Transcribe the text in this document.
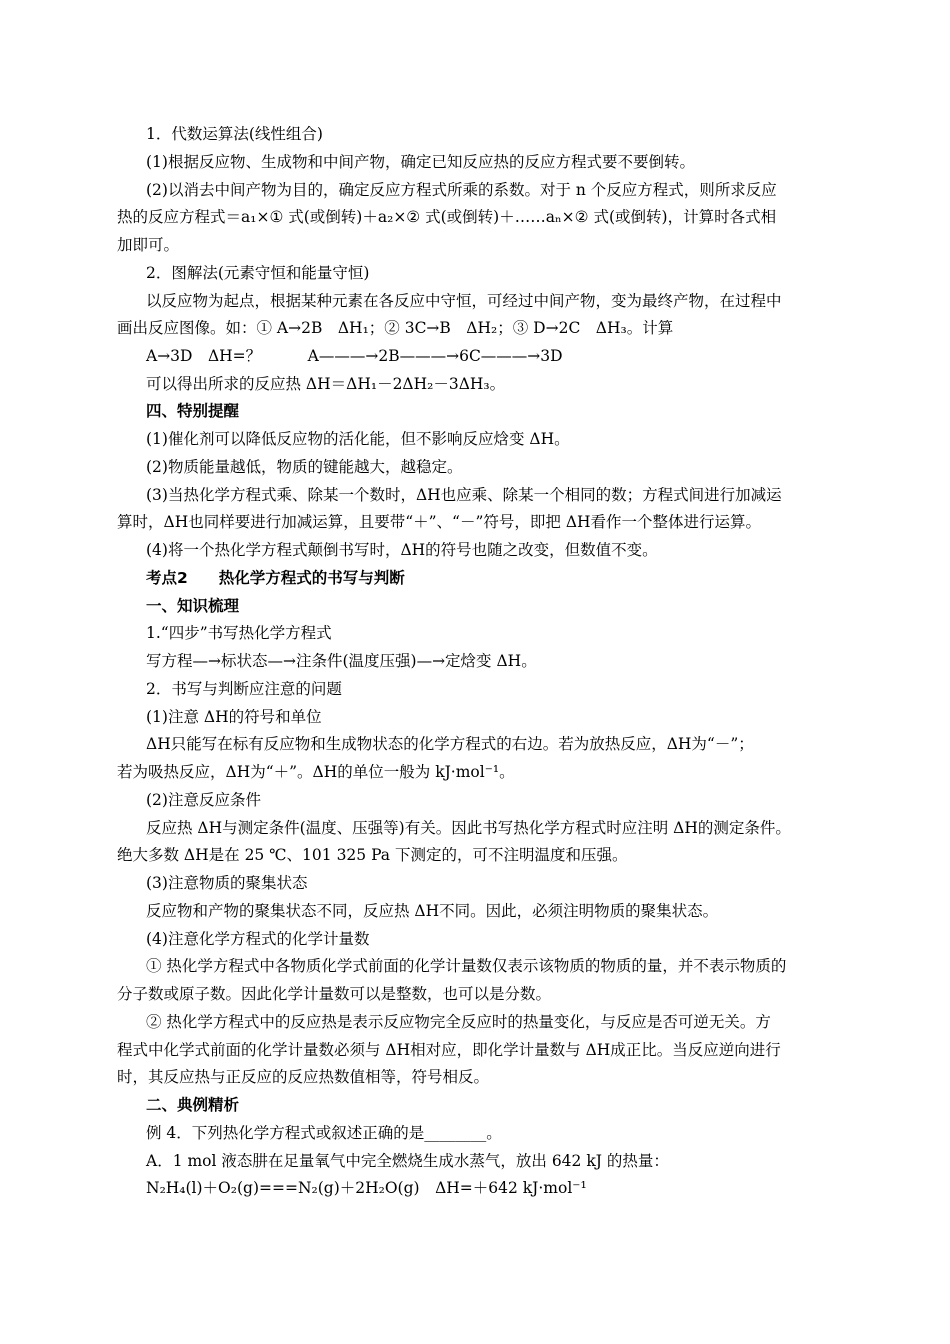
1．代数运算法(线性组合)
(1)根据反应物、生成物和中间产物，确定已知反应热的反应方程式要不要倒转。
(2)以消去中间产物为目的，确定反应方程式所乘的系数。对于 n 个反应方程式，则所求反应
热的反应方程式＝a₁×① 式(或倒转)＋a₂×② 式(或倒转)＋……aₙ×② 式(或倒转)，计算时各式相
加即可。
2．图解法(元素守恒和能量守恒)
以反应物为起点，根据某种元素在各反应中守恒，可经过中间产物，变为最终产物，在过程中
画出反应图像。如：① A→2B　ΔH₁；② 3C→B　ΔH₂；③ D→2C　ΔH₃。计算
A→3D　ΔH=？　　　A———→2B———→6C———→3D
可以得出所求的反应热 ΔH＝ΔH₁－2ΔH₂－3ΔH₃。
四、特别提醒
(1)催化剂可以降低反应物的活化能，但不影响反应焓变 ΔH。
(2)物质能量越低，物质的键能越大，越稳定。
(3)当热化学方程式乘、除某一个数时，ΔH也应乘、除某一个相同的数；方程式间进行加减运
算时，ΔH也同样要进行加减运算，且要带“＋”、“－”符号，即把 ΔH看作一个整体进行运算。
(4)将一个热化学方程式颠倒书写时，ΔH的符号也随之改变，但数值不变。
考点2　　热化学方程式的书写与判断
一、知识梳理
1.“四步”书写热化学方程式
写方程—→标状态—→注条件(温度压强)—→定焓变 ΔH。
2．书写与判断应注意的问题
(1)注意 ΔH的符号和单位
ΔH只能写在标有反应物和生成物状态的化学方程式的右边。若为放热反应，ΔH为“－”；
若为吸热反应，ΔH为“＋”。ΔH的单位一般为 kJ·mol⁻¹。
(2)注意反应条件
反应热 ΔH与测定条件(温度、压强等)有关。因此书写热化学方程式时应注明 ΔH的测定条件。
绝大多数 ΔH是在 25 ℃、101 325 Pa 下测定的，可不注明温度和压强。
(3)注意物质的聚集状态
反应物和产物的聚集状态不同，反应热 ΔH不同。因此，必须注明物质的聚集状态。
(4)注意化学方程式的化学计量数
① 热化学方程式中各物质化学式前面的化学计量数仅表示该物质的物质的量，并不表示物质的
分子数或原子数。因此化学计量数可以是整数，也可以是分数。
② 热化学方程式中的反应热是表示反应物完全反应时的热量变化，与反应是否可逆无关。方
程式中化学式前面的化学计量数必须与 ΔH相对应，即化学计量数与 ΔH成正比。当反应逆向进行
时，其反应热与正反应的反应热数值相等，符号相反。
二、典例精析
例 4．下列热化学方程式或叙述正确的是________。
A．1 mol 液态肼在足量氧气中完全燃烧生成水蒸气，放出 642 kJ 的热量：
N₂H₄(l)＋O₂(g)===N₂(g)＋2H₂O(g)　ΔH=＋642 kJ·mol⁻¹
